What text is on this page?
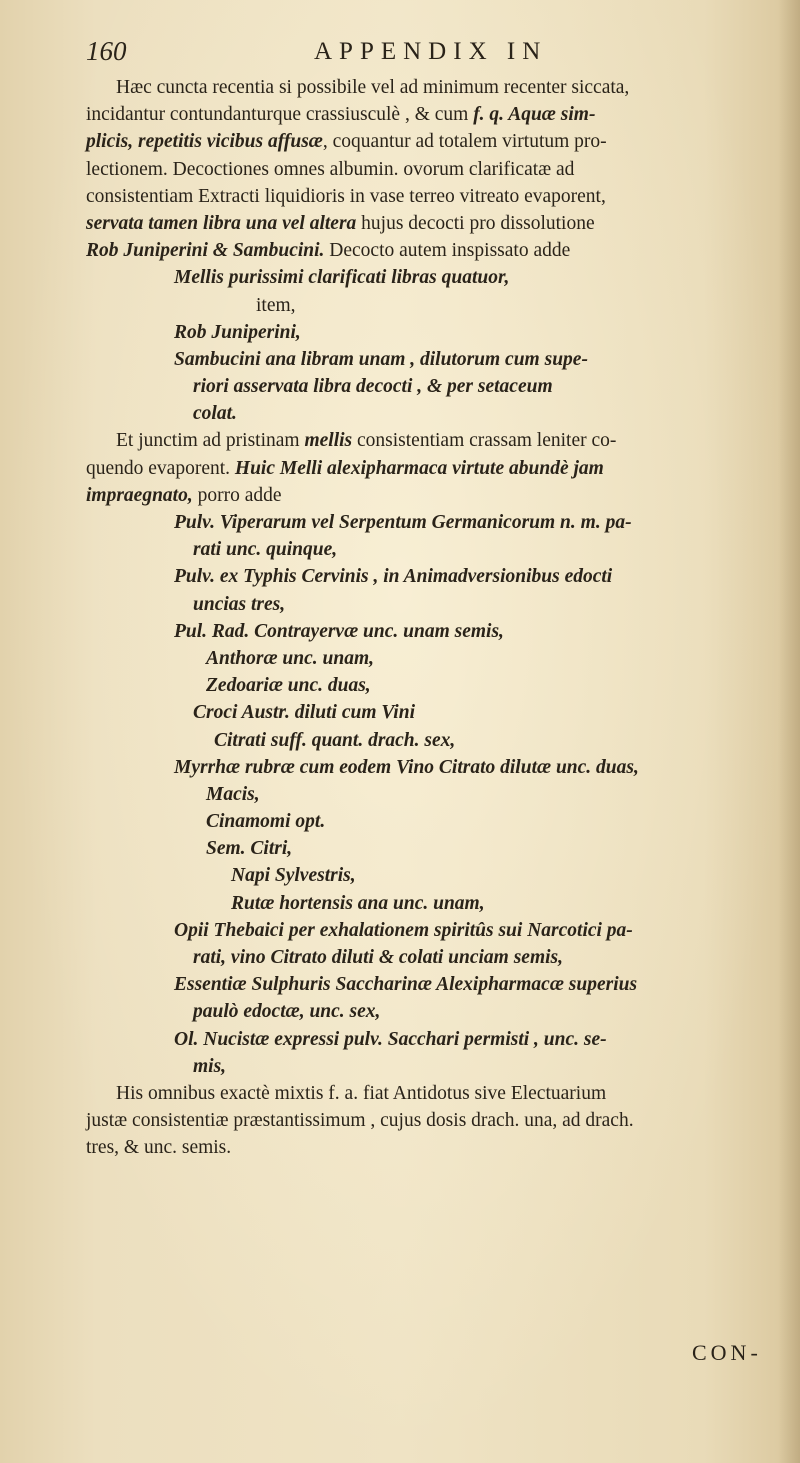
160	APPENDIX IN
Hæc cuncta recentia si possibile vel ad minimum recenter siccata,
incidantur contundanturque crassiusculè , & cum f. q. Aquæ sim-
plicis, repetitis vicibus affusæ, coquantur ad totalem virtutum pro-
lectionem. Decoctiones omnes albumin. ovorum clarificatæ ad
consistentiam Extracti liquidioris in vase terreo vitreato evaporent,
servata tamen libra una vel altera hujus decocti pro dissolutione
Rob Juniperini & Sambucini. Decocto autem inspissato adde
Mellis purissimi clarificati libras quatuor,
item,
Rob Juniperini,
Sambucini ana libram unam , dilutorum cum supe-
riori asservata libra decocti , & per setaceum
colat.
Et junctim ad pristinam mellis consistentiam crassam leniter co-
quendo evaporent. Huic Melli alexipharmaca virtute abundè jam
impraegnato, porro adde
Pulv. Viperarum vel Serpentum Germanicorum n. m. pa-
rati unc. quinque,
Pulv. ex Typhis Cervinis , in Animadversionibus edocti
uncias tres,
Pul. Rad. Contrayervæ unc. unam semis,
Anthoræ unc. unam,
Zedoariæ unc. duas,
Croci Austr. diluti cum Vini
Citrati suff. quant. drach. sex,
Myrrhæ rubræ cum eodem Vino Citrato dilutæ unc. duas,
Macis,
Cinamomi opt.
Sem. Citri,
Napi Sylvestris,
Rutæ hortensis ana unc. unam,
Opii Thebaici per exhalationem spiritûs sui Narcotici pa-
rati, vino Citrato diluti & colati unciam semis,
Essentiæ Sulphuris Saccharinæ Alexipharmacæ superius
paulò edoctæ, unc. sex,
Ol. Nucistæ expressi pulv. Sacchari permisti , unc. se-
mis,
His omnibus exactè mixtis f. a. fiat Antidotus sive Electuarium
justæ consistentiæ præstantissimum , cujus dosis drach. una, ad drach.
tres, & unc. semis.
CON-
